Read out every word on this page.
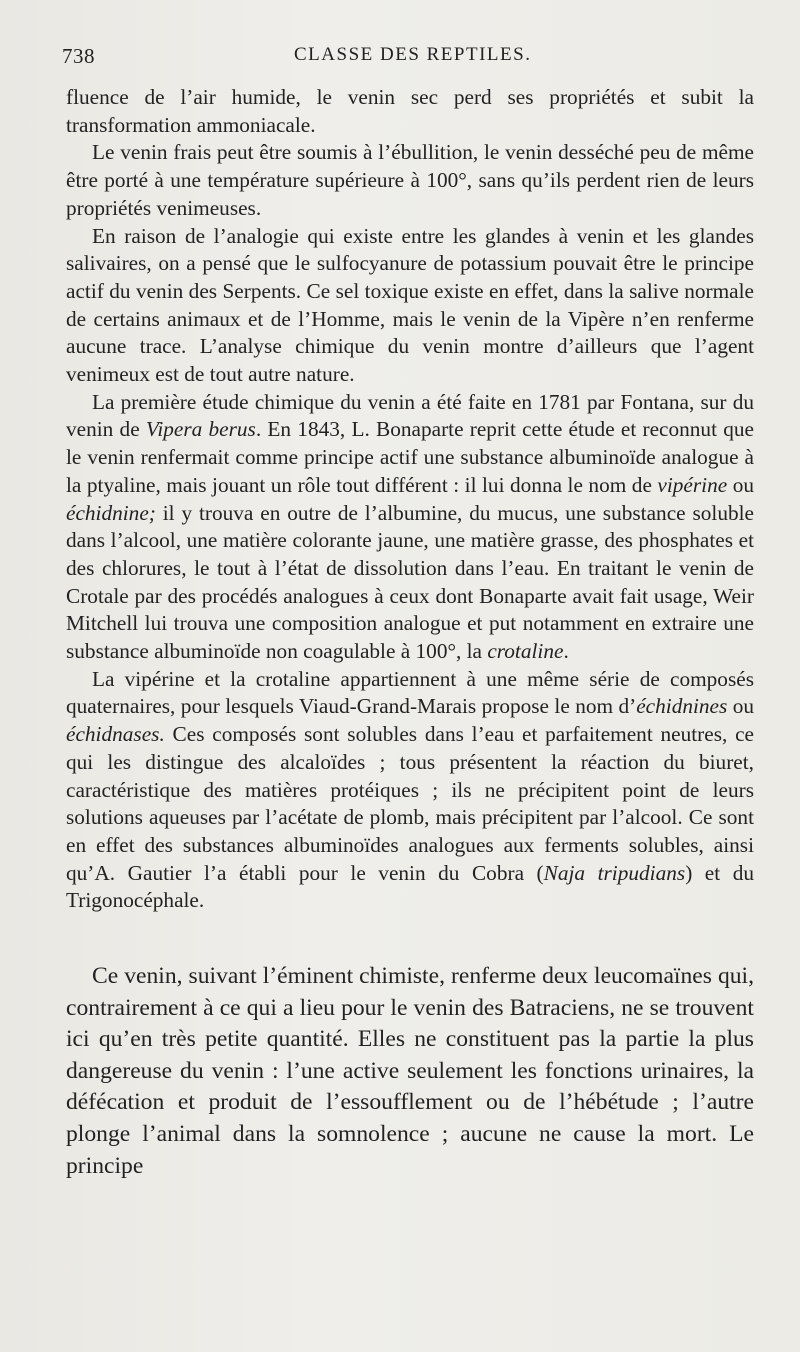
738	CLASSE DES REPTILES.

fluence de l’air humide, le venin sec perd ses propriétés et subit la transformation ammoniacale.

Le venin frais peut être soumis à l’ébullition, le venin desséché peu de même être porté à une température supérieure à 100°, sans qu’ils perdent rien de leurs propriétés venimeuses.

En raison de l’analogie qui existe entre les glandes à venin et les glandes salivaires, on a pensé que le sulfocyanure de potassium pouvait être le principe actif du venin des Serpents. Ce sel toxique existe en effet, dans la salive normale de certains animaux et de l’Homme, mais le venin de la Vipère n’en renferme aucune trace. L’analyse chimique du venin montre d’ailleurs que l’agent venimeux est de tout autre nature.

La première étude chimique du venin a été faite en 1781 par Fontana, sur du venin de Vipera berus. En 1843, L. Bonaparte reprit cette étude et reconnut que le venin renfermait comme principe actif une substance albuminoïde analogue à la ptyaline, mais jouant un rôle tout différent : il lui donna le nom de vipérine ou échidnine; il y trouva en outre de l’albumine, du mucus, une substance soluble dans l’alcool, une matière colorante jaune, une matière grasse, des phosphates et des chlorures, le tout à l’état de dissolution dans l’eau. En traitant le venin de Crotale par des procédés analogues à ceux dont Bonaparte avait fait usage, Weir Mitchell lui trouva une composition analogue et put notamment en extraire une substance albuminoïde non coagulable à 100°, la crotaline.

La vipérine et la crotaline appartiennent à une même série de composés quaternaires, pour lesquels Viaud-Grand-Marais propose le nom d’échidnines ou échidnases. Ces composés sont solubles dans l’eau et parfaitement neutres, ce qui les distingue des alcaloïdes ; tous présentent la réaction du biuret, caractéristique des matières protéiques ; ils ne précipitent point de leurs solutions aqueuses par l’acétate de plomb, mais précipitent par l’alcool. Ce sont en effet des substances albuminoïdes analogues aux ferments solubles, ainsi qu’A. Gautier l’a établi pour le venin du Cobra (Naja tripudians) et du Trigonocéphale.

Ce venin, suivant l’éminent chimiste, renferme deux leucomaïnes qui, contrairement à ce qui a lieu pour le venin des Batraciens, ne se trouvent ici qu’en très petite quantité. Elles ne constituent pas la partie la plus dangereuse du venin : l’une active seulement les fonctions urinaires, la défécation et produit de l’essoufflement ou de l’hébétude ; l’autre plonge l’animal dans la somnolence ; aucune ne cause la mort. Le principe
